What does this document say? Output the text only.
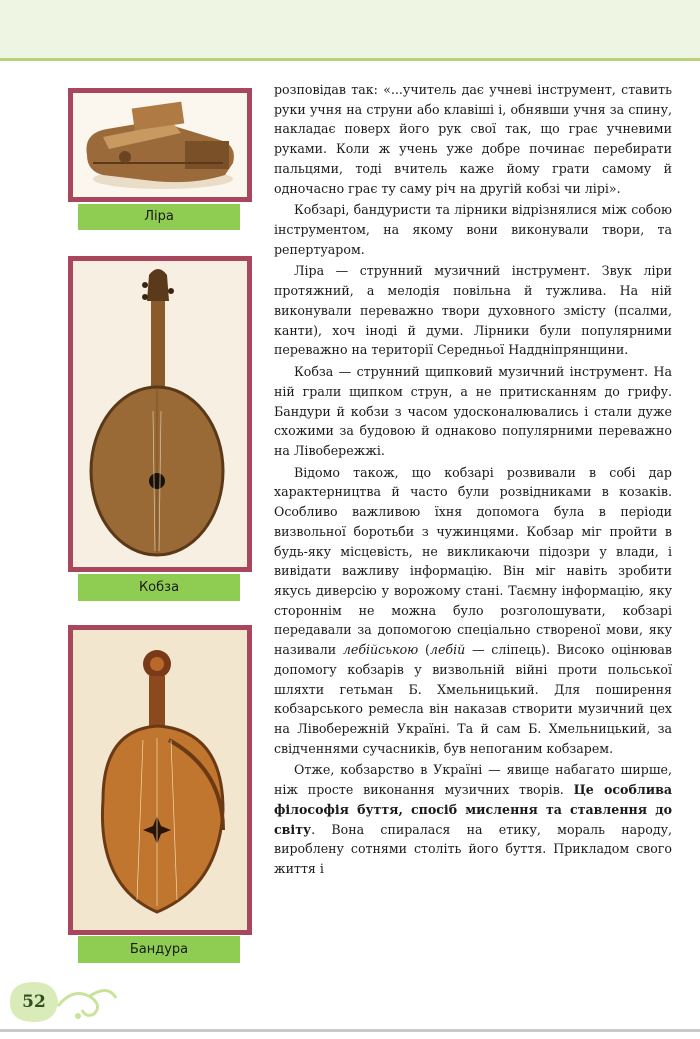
Ліра
Кобза
Бандура

розповідав так: «...учитель дає учневі інструмент, ставить руки учня на струни або клавіші і, обнявши учня за спину, накладає поверх його рук свої так, що грає учневими руками. Коли ж учень уже добре починає перебирати пальцями, тоді вчитель каже йому грати самому й одночасно грає ту саму річ на другій кобзі чи лірі».

Кобзарі, бандуристи та лірники відрізнялися між собою інструментом, на якому вони виконували твори, та репертуаром.

Ліра — струнний музичний інструмент. Звук ліри протяжний, а мелодія повільна й тужлива. На ній виконували переважно твори духовного змісту (псалми, канти), хоч іноді й думи. Лірники були популярними переважно на території Середньої Наддніпрянщини.

Кобза — струнний щипковий музичний інструмент. На ній грали щипком струн, а не притисканням до грифу. Бандури й кобзи з часом удосконалювались і стали дуже схожими за будовою й однаково популярними переважно на Лівобережжі.

Відомо також, що кобзарі розвивали в собі дар характерництва й часто були розвідниками в козаків. Особливо важливою їхня допомога була в періоди визвольної боротьби з чужинцями. Кобзар міг пройти в будь-яку місцевість, не викликаючи підозри у влади, і вивідати важливу інформацію. Він міг навіть зробити якусь диверсію у ворожому стані. Таємну інформацію, яку стороннім не можна було розголошувати, кобзарі передавали за допомогою спеціально створеної мови, яку називали лебійською (лебій — сліпець). Високо оцінював допомогу кобзарів у визвольній війні проти польської шляхти гетьман Б. Хмельницький. Для поширення кобзарського ремесла він наказав створити музичний цех на Лівобережній Україні. Та й сам Б. Хмельницький, за свідченнями сучасників, був непоганим кобзарем.

Отже, кобзарство в Україні — явище набагато ширше, ніж просте виконання музичних творів. Це особлива філософія буття, спосіб мислення та ставлення до світу. Вона спиралася на етику, мораль народу, вироблену сотнями століть його буття. Прикладом свого життя і

52
